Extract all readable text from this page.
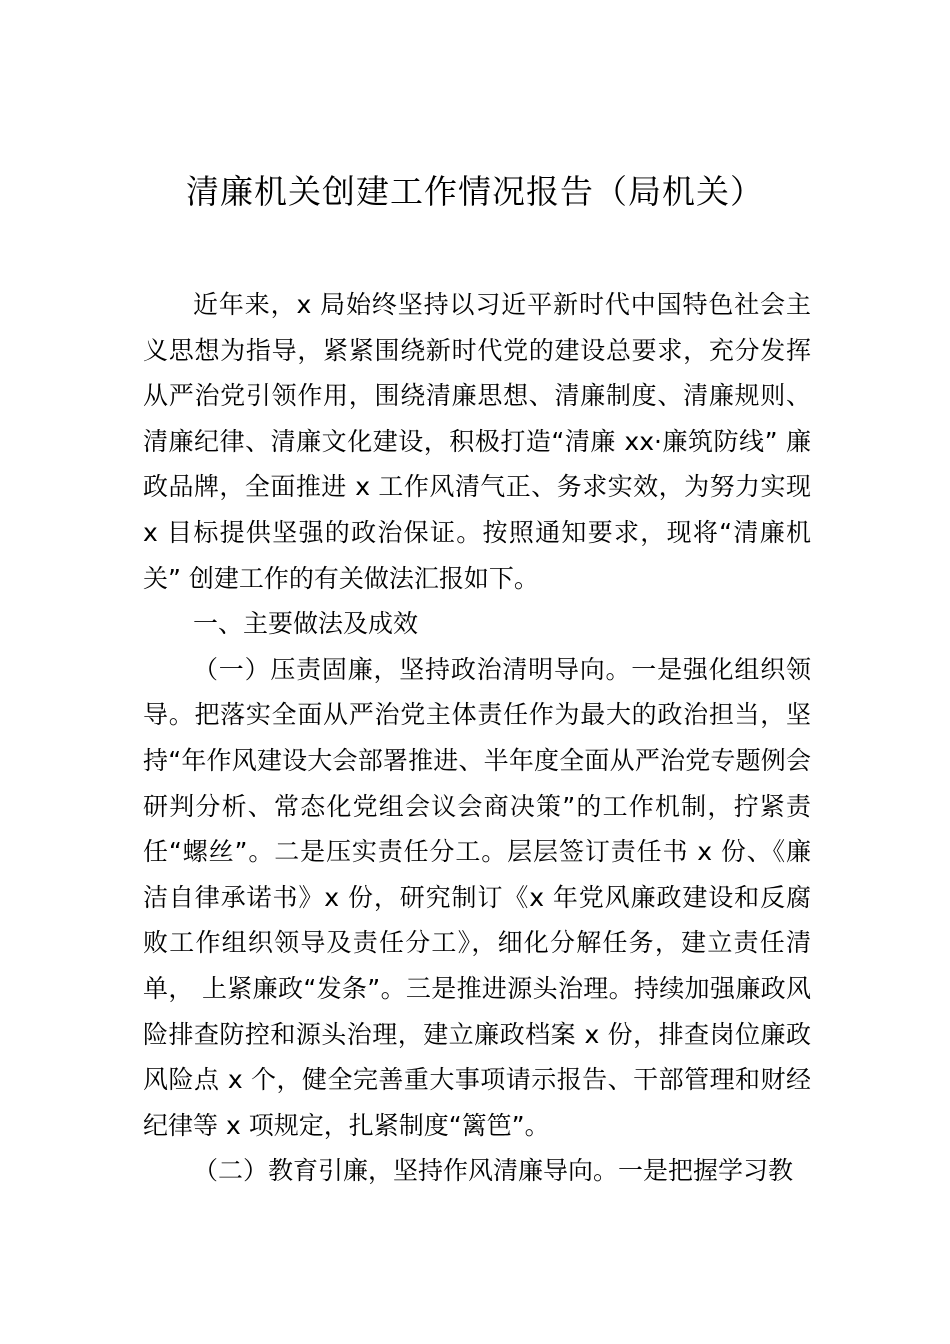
清廉机关创建工作情况报告（局机关）

近年来，x 局始终坚持以习近平新时代中国特色社会主义思想为指导，紧紧围绕新时代党的建设总要求，充分发挥从严治党引领作用，围绕清廉思想、清廉制度、清廉规则、清廉纪律、清廉文化建设，积极打造“清廉 xx·廉筑防线” 廉政品牌，全面推进 x 工作风清气正、务求实效，为努力实现 x 目标提供坚强的政治保证。按照通知要求，现将“清廉机关” 创建工作的有关做法汇报如下。

一、主要做法及成效

（一）压责固廉，坚持政治清明导向。一是强化组织领导。把落实全面从严治党主体责任作为最大的政治担当，坚持“年作风建设大会部署推进、半年度全面从严治党专题例会研判分析、常态化党组会议会商决策”的工作机制，拧紧责任“螺丝”。二是压实责任分工。层层签订责任书 x 份、《廉洁自律承诺书》x 份，研究制订《x 年党风廉政建设和反腐败工作组织领导及责任分工》，细化分解任务，建立责任清单， 上紧廉政“发条”。三是推进源头治理。持续加强廉政风险排查防控和源头治理，建立廉政档案 x 份，排查岗位廉政风险点 x 个，健全完善重大事项请示报告、干部管理和财经纪律等 x 项规定，扎紧制度“篱笆”。

（二）教育引廉，坚持作风清廉导向。一是把握学习教
